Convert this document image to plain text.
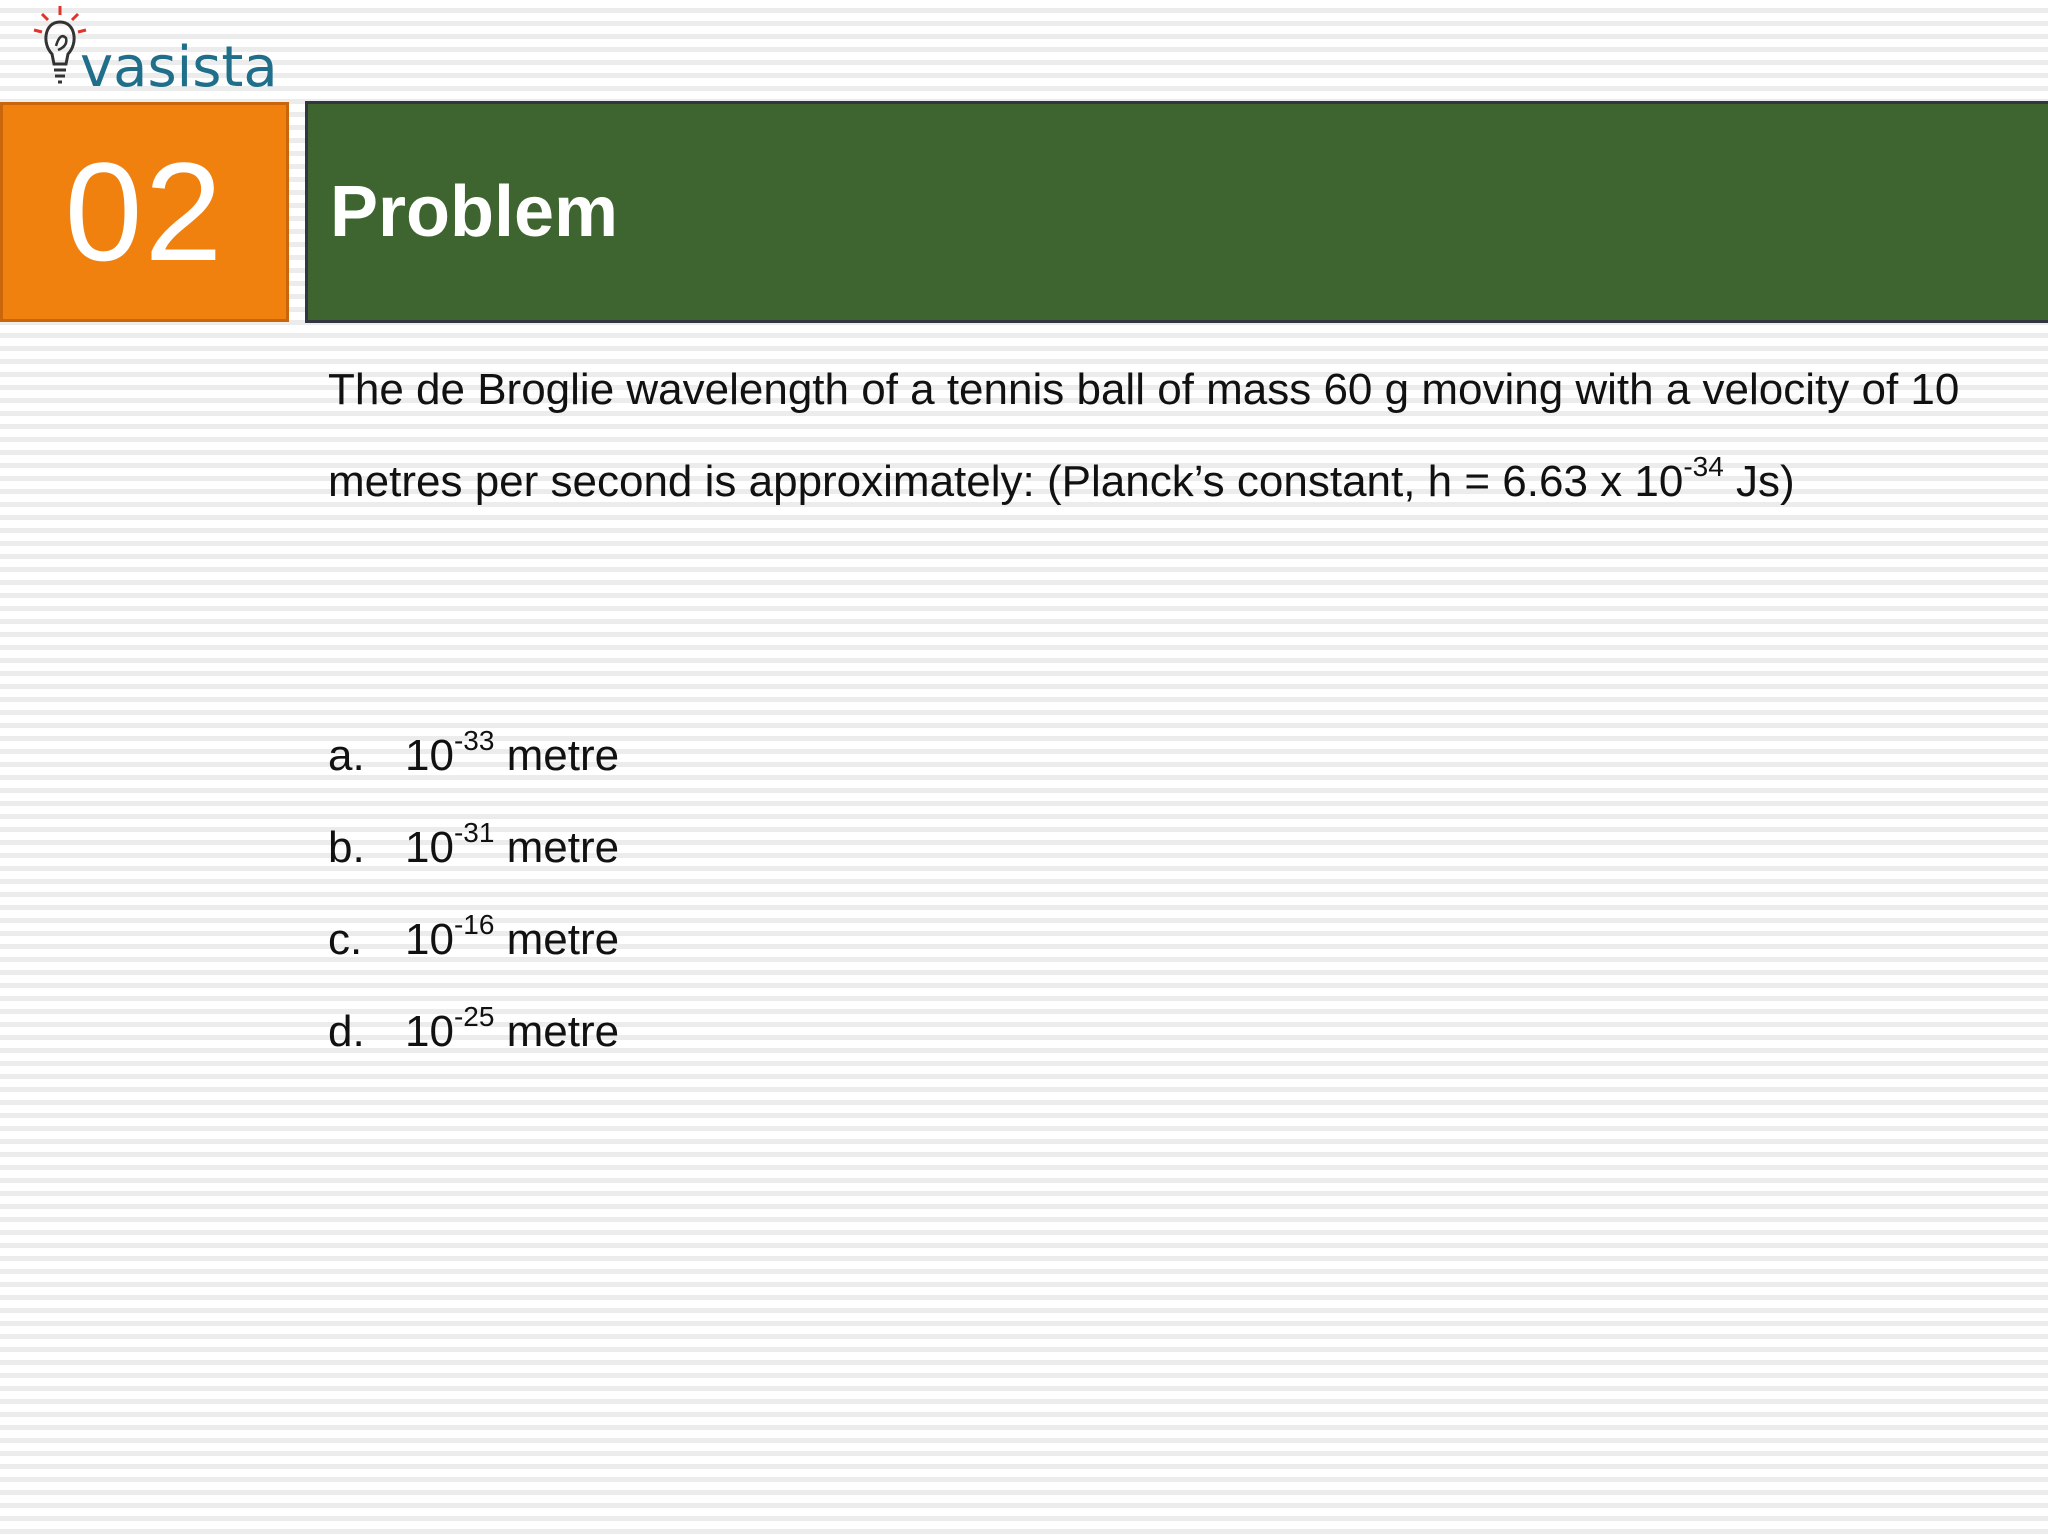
vasista
02 Problem
The de Broglie wavelength of a tennis ball of mass 60 g moving with a velocity of 10 metres per second is approximately: (Planck’s constant, h = 6.63 x $10^{-34}$ Js)
a. $10^{-33}$ metre
b. $10^{-31}$ metre
c. $10^{-16}$ metre
d. $10^{-25}$ metre
